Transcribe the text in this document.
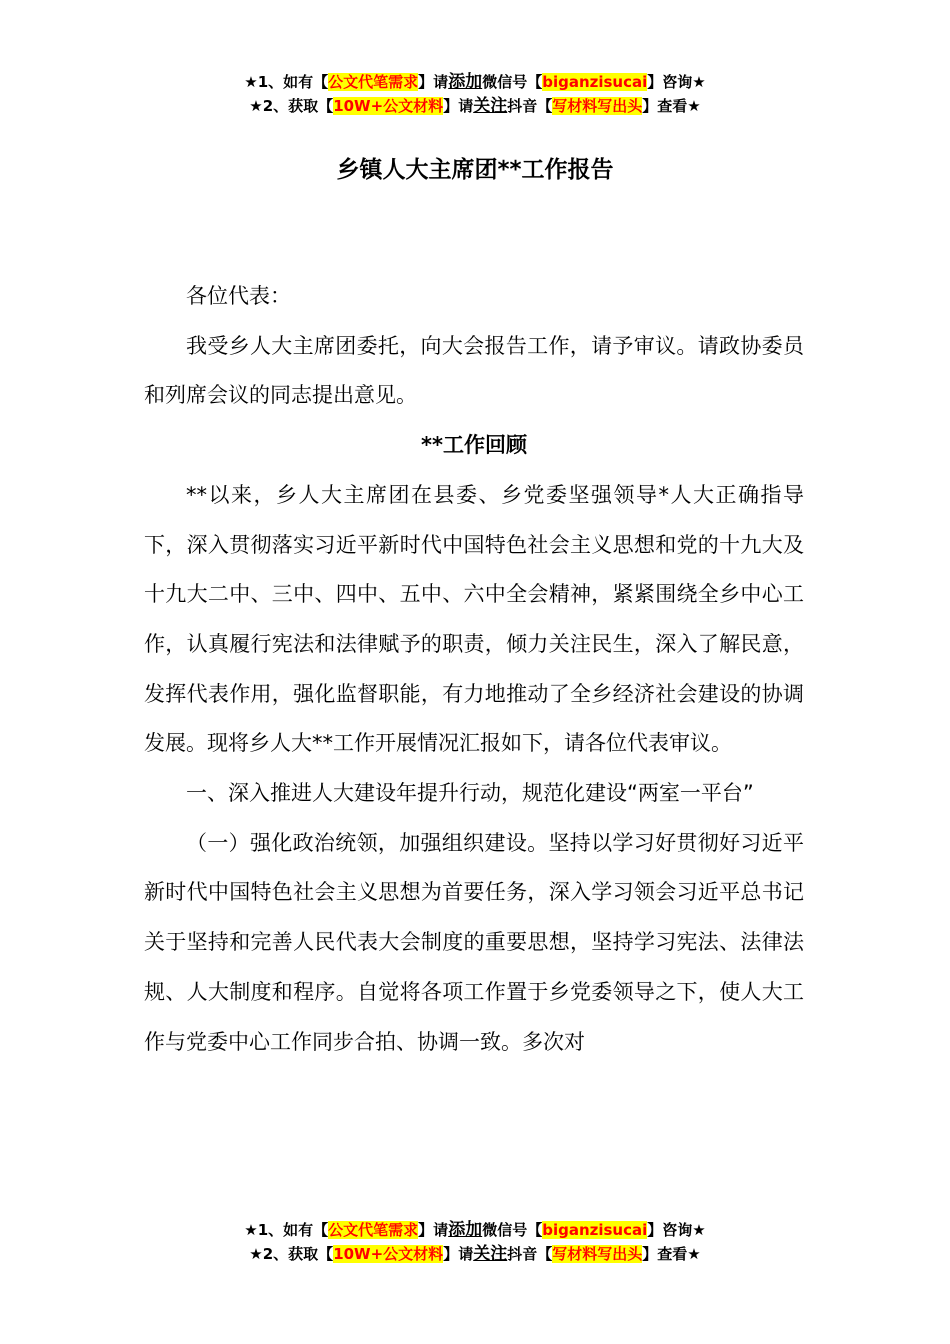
★1、如有【公文代笔需求】请添加微信号【biganzisucai】咨询★
★2、获取【10W+公文材料】请关注抖音【写材料写出头】查看★
乡镇人大主席团**工作报告

各位代表：

我受乡人大主席团委托，向大会报告工作，请予审议。请政协委员和列席会议的同志提出意见。

**工作回顾

**以来，乡人大主席团在县委、乡党委坚强领导*人大正确指导下，深入贯彻落实习近平新时代中国特色社会主义思想和党的十九大及十九大二中、三中、四中、五中、六中全会精神，紧紧围绕全乡中心工作，认真履行宪法和法律赋予的职责，倾力关注民生，深入了解民意，发挥代表作用，强化监督职能，有力地推动了全乡经济社会建设的协调发展。现将乡人大**工作开展情况汇报如下，请各位代表审议。

一、深入推进人大建设年提升行动，规范化建设“两室一平台”

（一）强化政治统领，加强组织建设。坚持以学习好贯彻好习近平新时代中国特色社会主义思想为首要任务，深入学习领会习近平总书记关于坚持和完善人民代表大会制度的重要思想，坚持学习宪法、法律法规、人大制度和程序。自觉将各项工作置于乡党委领导之下，使人大工作与党委中心工作同步合拍、协调一致。多次对

★1、如有【公文代笔需求】请添加微信号【biganzisucai】咨询★
★2、获取【10W+公文材料】请关注抖音【写材料写出头】查看★
